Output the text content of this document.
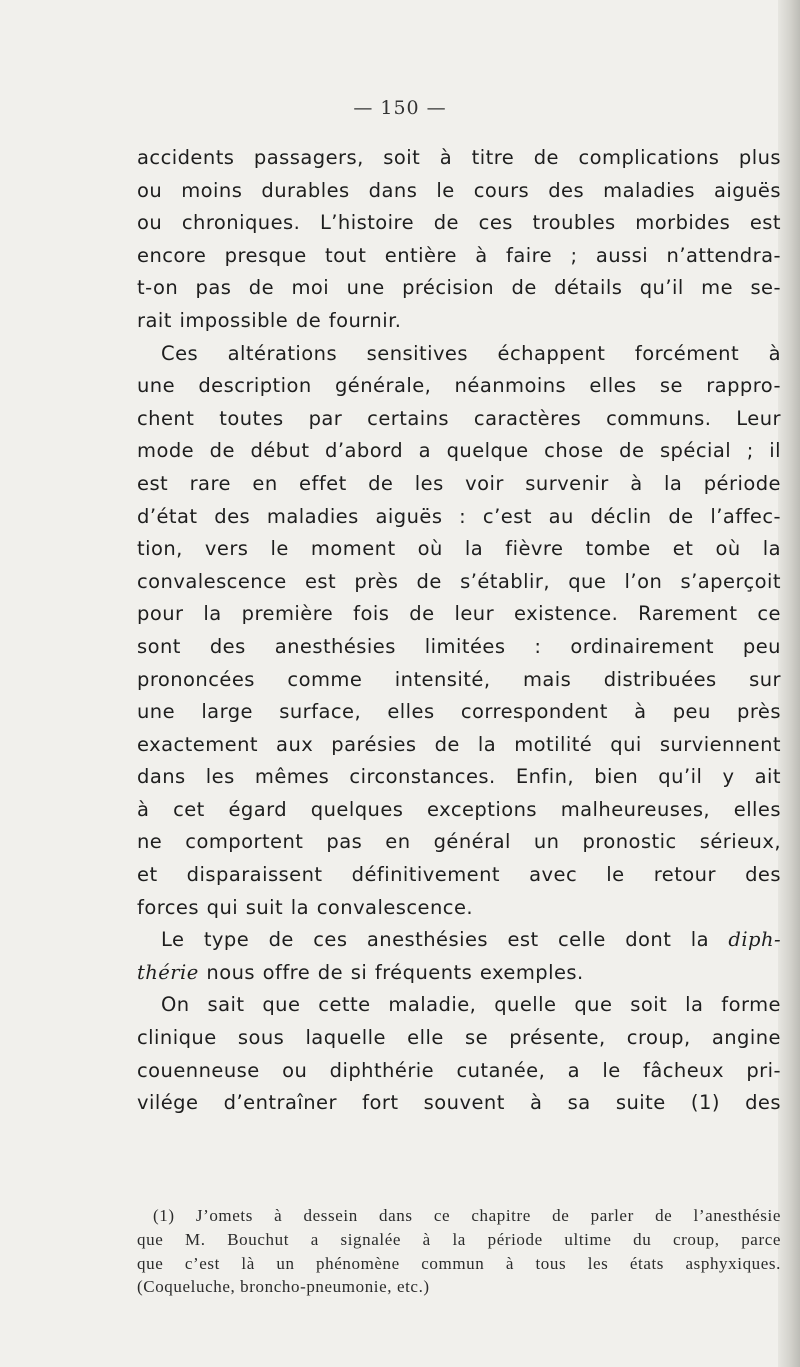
— 150 —
accidents passagers, soit à titre de complications plus
ou moins durables dans le cours des maladies aiguës
ou chroniques. L’histoire de ces troubles morbides est
encore presque tout entière à faire ; aussi n’attendra-
t-on pas de moi une précision de détails qu’il me se-
rait impossible de fournir.
Ces altérations sensitives échappent forcément à
une description générale, néanmoins elles se rappro-
chent toutes par certains caractères communs. Leur
mode de début d’abord a quelque chose de spécial ; il
est rare en effet de les voir survenir à la période
d’état des maladies aiguës : c’est au déclin de l’affec-
tion, vers le moment où la fièvre tombe et où la
convalescence est près de s’établir, que l’on s’aperçoit
pour la première fois de leur existence. Rarement ce
sont des anesthésies limitées : ordinairement peu
prononcées comme intensité, mais distribuées sur
une large surface, elles correspondent à peu près
exactement aux parésies de la motilité qui surviennent
dans les mêmes circonstances. Enfin, bien qu’il y ait
à cet égard quelques exceptions malheureuses, elles
ne comportent pas en général un pronostic sérieux,
et disparaissent définitivement avec le retour des
forces qui suit la convalescence.
Le type de ces anesthésies est celle dont la diph-
thérie nous offre de si fréquents exemples.
On sait que cette maladie, quelle que soit la forme
clinique sous laquelle elle se présente, croup, angine
couenneuse ou diphthérie cutanée, a le fâcheux pri-
vilége d’entraîner fort souvent à sa suite (1) des
(1) J’omets à dessein dans ce chapitre de parler de l’anesthésie
que M. Bouchut a signalée à la période ultime du croup, parce
que c’est là un phénomène commun à tous les états asphyxiques.
(Coqueluche, broncho-pneumonie, etc.)
